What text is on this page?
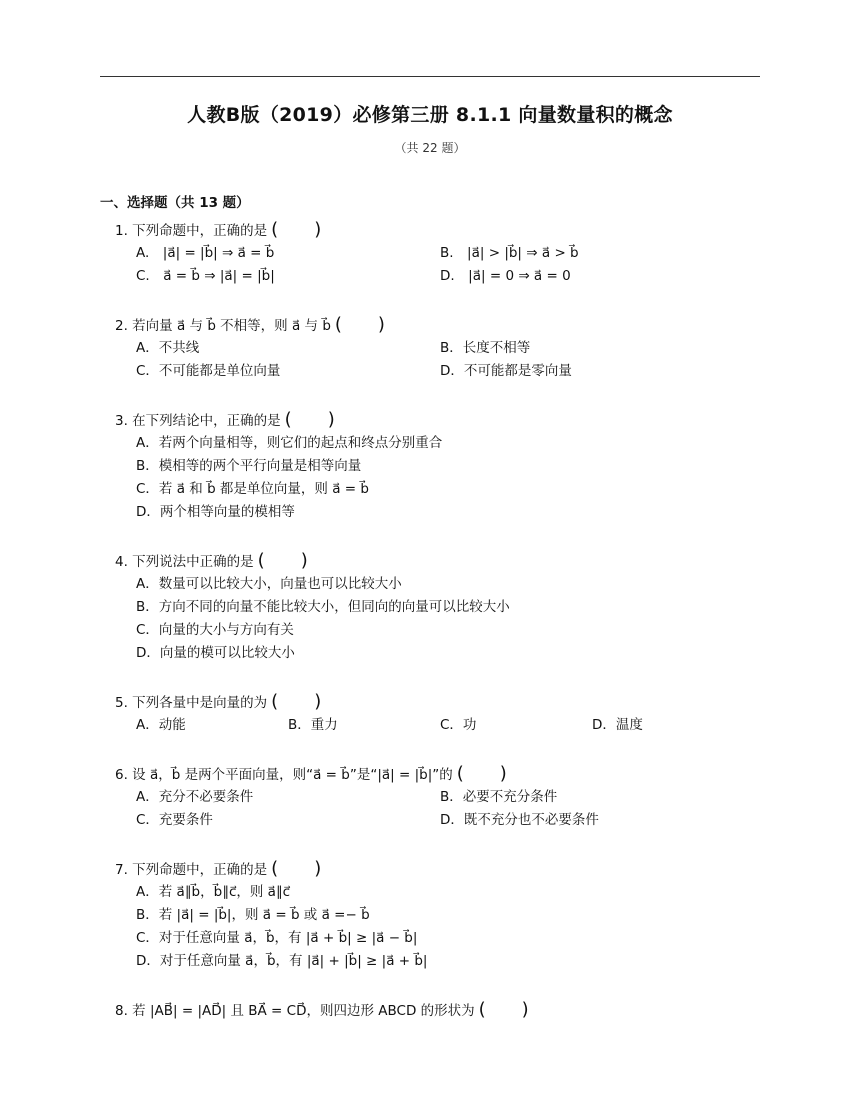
人教B版（2019）必修第三册 8.1.1 向量数量积的概念
（共 22 题）
一、选择题（共 13 题）
1. 下列命题中，正确的是 (　　)
A.　|a⃗| = |b⃗| ⇒ a⃗ = b⃗	B.　|a⃗| > |b⃗| ⇒ a⃗ > b⃗
C.　a⃗ = b⃗ ⇒ |a⃗| = |b⃗|	D.　|a⃗| = 0 ⇒ a⃗ = 0
2. 若向量 a⃗ 与 b⃗ 不相等，则 a⃗ 与 b⃗ (　　)
A．不共线	B．长度不相等
C．不可能都是单位向量	D．不可能都是零向量
3. 在下列结论中，正确的是 (　　)
A．若两个向量相等，则它们的起点和终点分别重合
B．模相等的两个平行向量是相等向量
C．若 a⃗ 和 b⃗ 都是单位向量，则 a⃗ = b⃗
D．两个相等向量的模相等
4. 下列说法中正确的是 (　　)
A．数量可以比较大小，向量也可以比较大小
B．方向不同的向量不能比较大小，但同向的向量可以比较大小
C．向量的大小与方向有关
D．向量的模可以比较大小
5. 下列各量中是向量的为 (　　)
A．动能	B．重力	C．功	D．温度
6. 设 a⃗，b⃗ 是两个平面向量，则“a⃗ = b⃗”是“|a⃗| = |b⃗|”的 (　　)
A．充分不必要条件	B．必要不充分条件
C．充要条件	D．既不充分也不必要条件
7. 下列命题中，正确的是 (　　)
A．若 a⃗∥b⃗，b⃗∥c⃗，则 a⃗∥c⃗
B．若 |a⃗| = |b⃗|，则 a⃗ = b⃗ 或 a⃗ =− b⃗
C．对于任意向量 a⃗，b⃗，有 |a⃗ + b⃗| ≥ |a⃗ − b⃗|
D．对于任意向量 a⃗，b⃗，有 |a⃗| + |b⃗| ≥ |a⃗ + b⃗|
8. 若 |AB⃗| = |AD⃗| 且 BA⃗ = CD⃗，则四边形 ABCD 的形状为 (　　)
